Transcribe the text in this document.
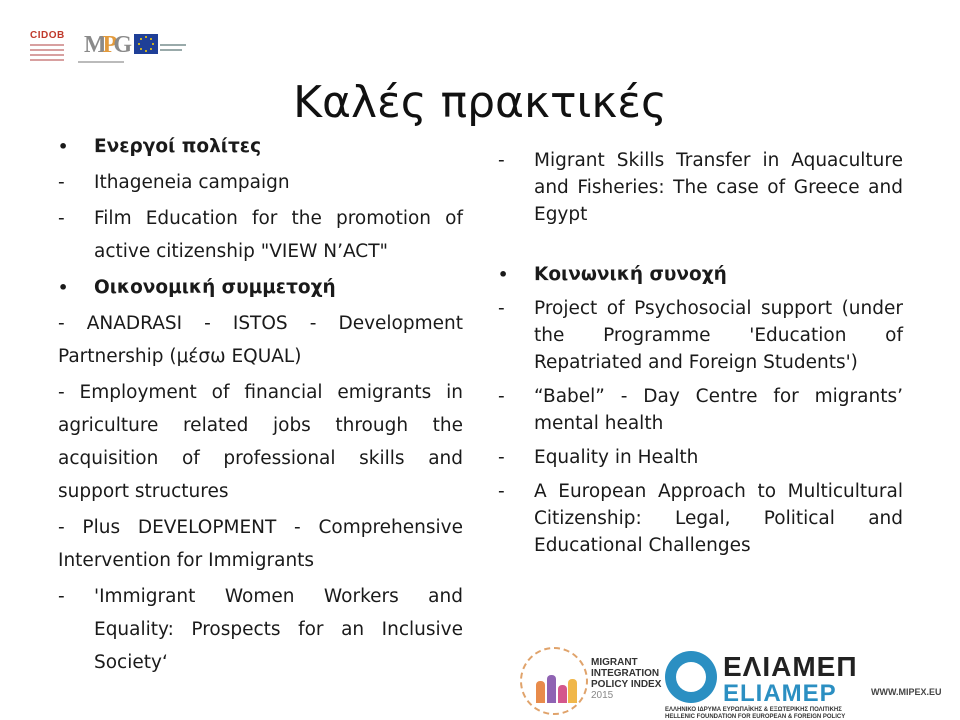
CIDOB MPG
Καλές πρακτικές
• Ενεργοί πολίτες
- Ithageneia campaign
- Film Education for the promotion of active citizenship "VIEW N’ACT"
• Οικονομική συμμετοχή
- ANADRASI - ISTOS - Development Partnership (μέσω EQUAL)
- Employment of financial emigrants in agriculture related jobs through the acquisition of professional skills and support structures
- Plus DEVELOPMENT - Comprehensive Intervention for Immigrants
- 'Immigrant Women Workers and Equality: Prospects for an Inclusive Society‘
- Migrant Skills Transfer in Aquaculture and Fisheries: The case of Greece and Egypt
• Κοινωνική συνοχή
- Project of Psychosocial support (under the Programme 'Education of Repatriated and Foreign Students')
- “Babel” - Day Centre for migrants’ mental health
- Equality in Health
- A European Approach to Multicultural Citizenship: Legal, Political and Educational Challenges
MIGRANT
INTEGRATION
POLICY INDEX
2015
ΕΛΙΑΜΕΠ
ELIAMEP
ΕΛΛΗΝΙΚΟ ΙΔΡΥΜΑ ΕΥΡΩΠΑΪΚΗΣ & ΕΞΩΤΕΡΙΚΗΣ ΠΟΛΙΤΙΚΗΣ
HELLENIC FOUNDATION FOR EUROPEAN & FOREIGN POLICY
WWW.MIPEX.EU
